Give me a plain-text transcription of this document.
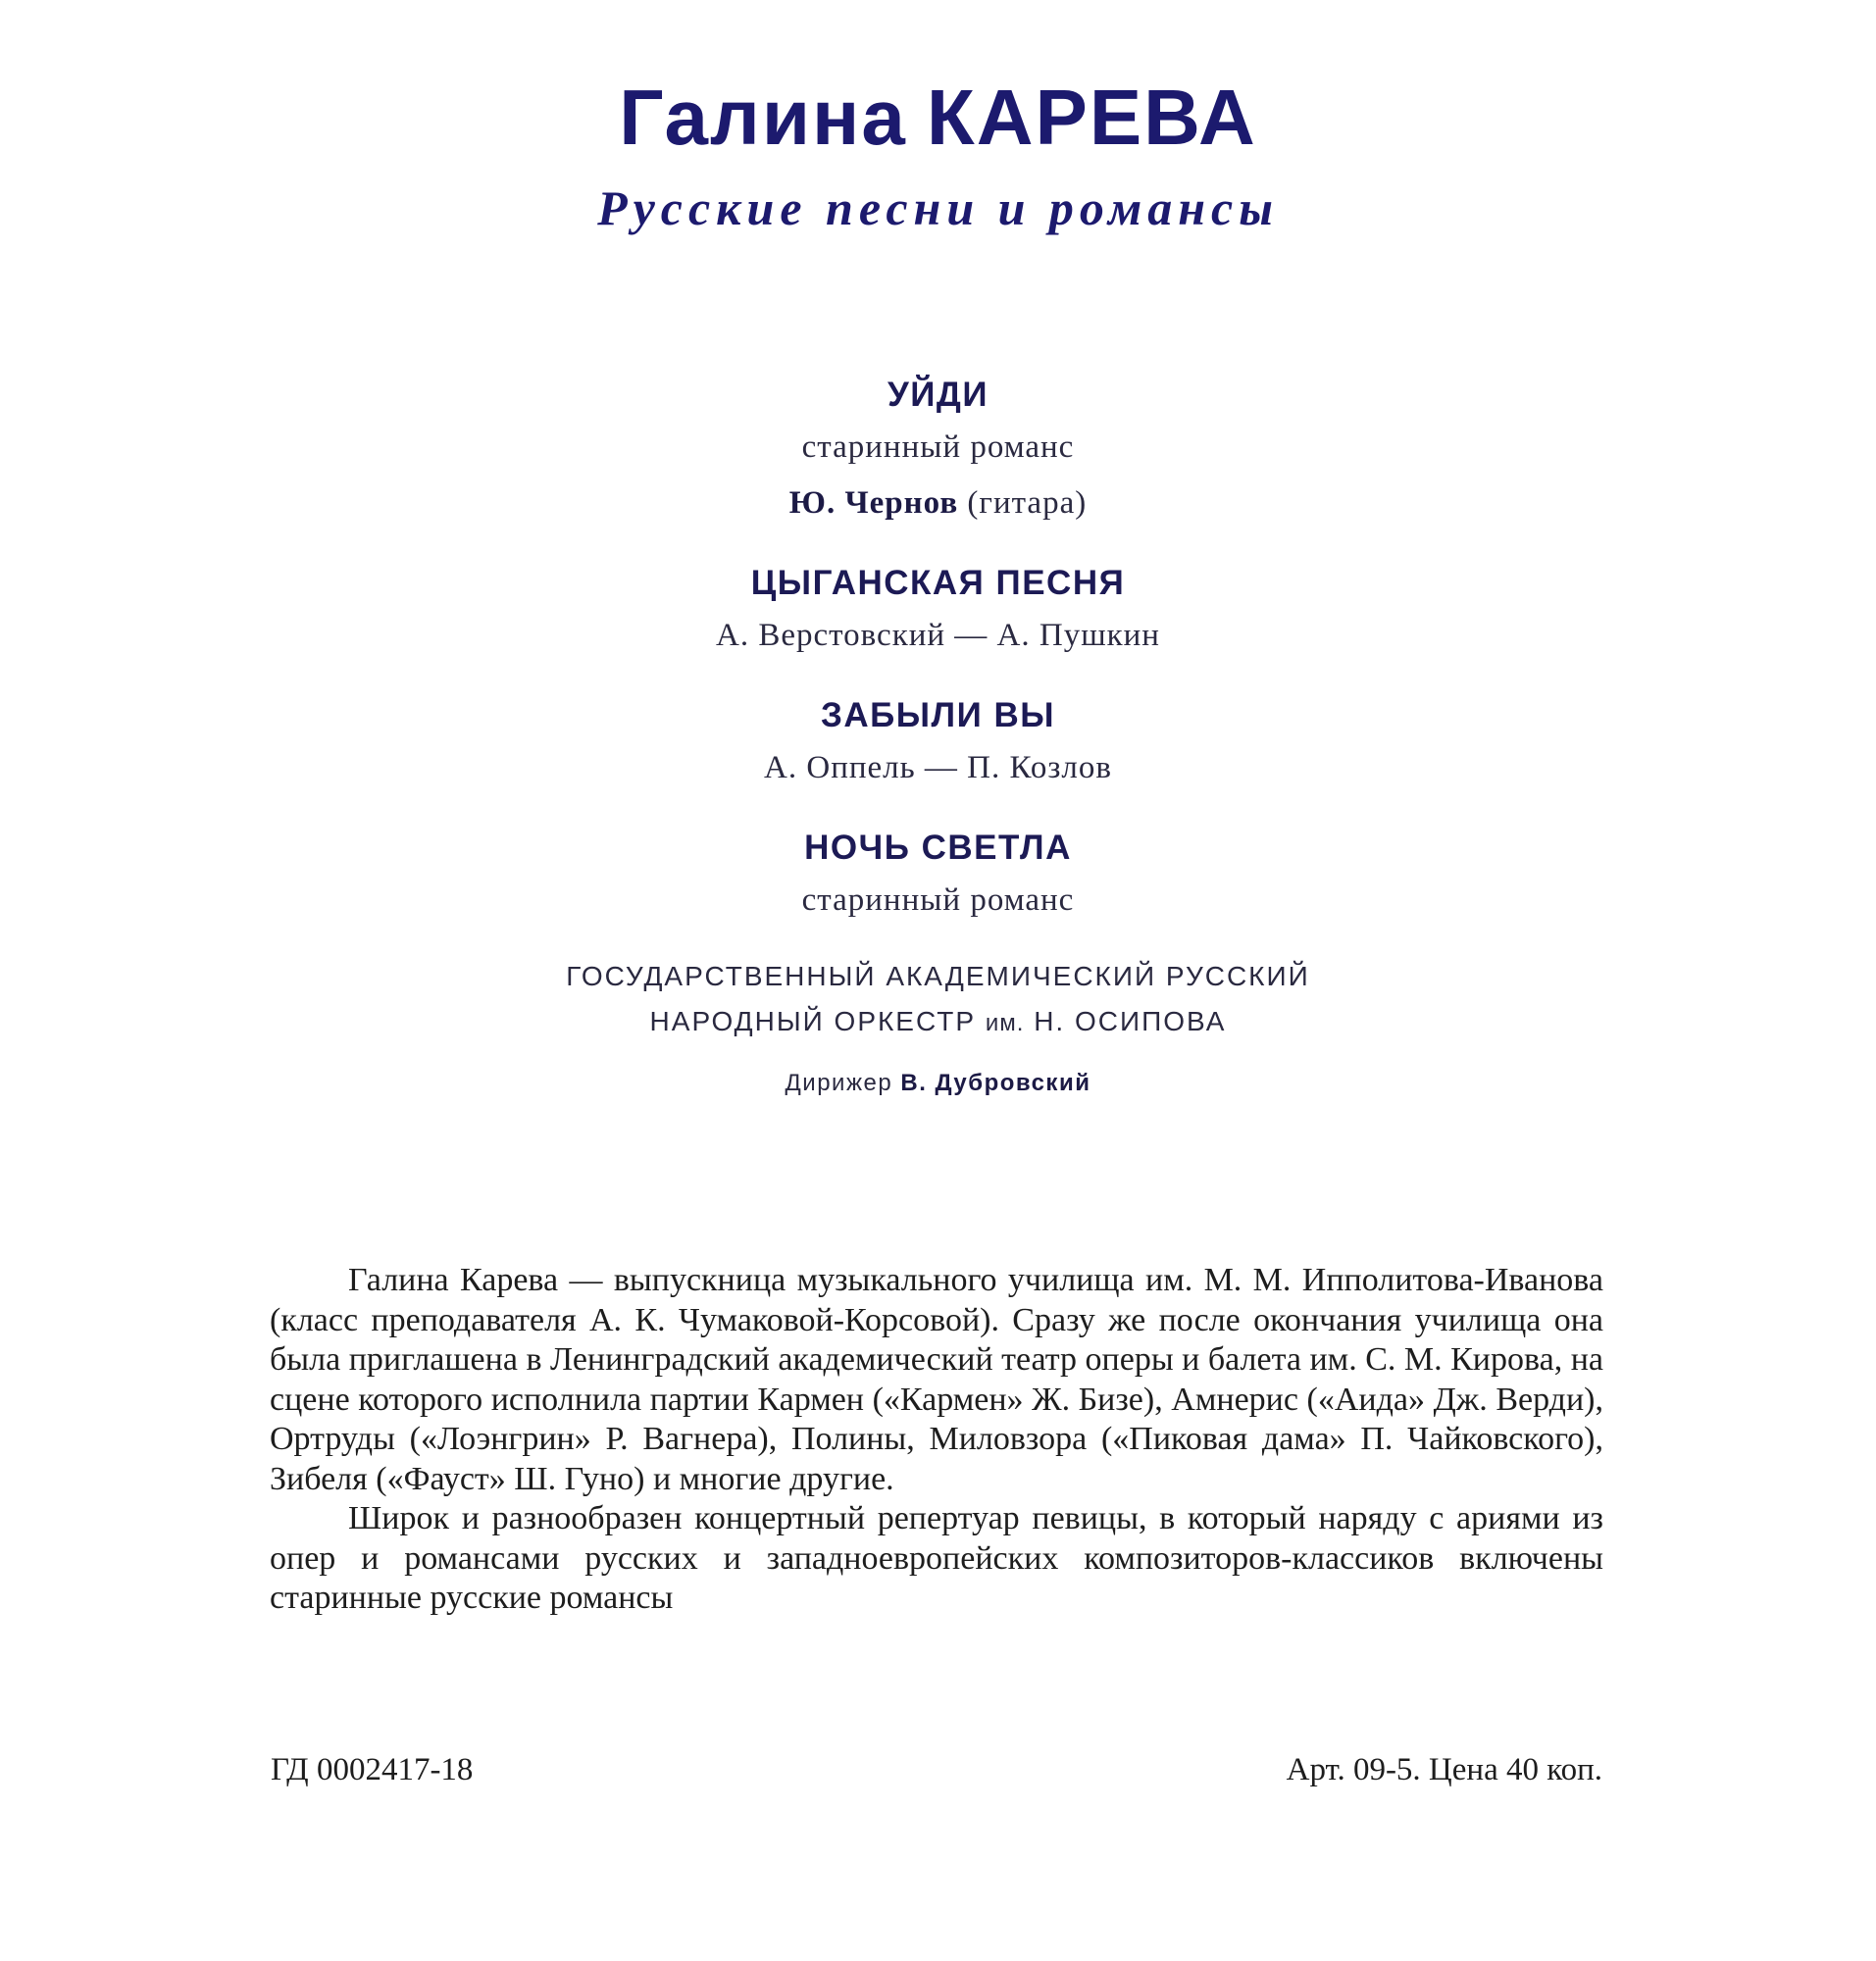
Галина КАРЕВА
Русские песни и романсы
УЙДИ
старинный романс
Ю. Чернов (гитара)
ЦЫГАНСКАЯ ПЕСНЯ
А. Верстовский — А. Пушкин
ЗАБЫЛИ ВЫ
А. Оппель — П. Козлов
НОЧЬ СВЕТЛА
старинный романс
ГОСУДАРСТВЕННЫЙ АКАДЕМИЧЕСКИЙ РУССКИЙ
НАРОДНЫЙ ОРКЕСТР им. Н. ОСИПОВА
Дирижер В. Дубровский

Галина Карева — выпускница музыкального училища им. М. М. Ипполитова-Иванова (класс преподавателя А. К. Чумаковой-Корсовой). Сразу же после окончания училища она была приглашена в Ленинградский академический театр оперы и балета им. С. М. Кирова, на сцене которого исполнила партии Кармен («Кармен» Ж. Бизе), Амнерис («Аида» Дж. Верди), Ортруды («Лоэнгрин» Р. Вагнера), Полины, Миловзора («Пиковая дама» П. Чайковского), Зибеля («Фауст» Ш. Гуно) и многие другие.

Широк и разнообразен концертный репертуар певицы, в который наряду с ариями из опер и романсами русских и западноевропейских композиторов-классиков включены старинные русские романсы

ГД 0002417-18	Арт. 09-5. Цена 40 коп.
